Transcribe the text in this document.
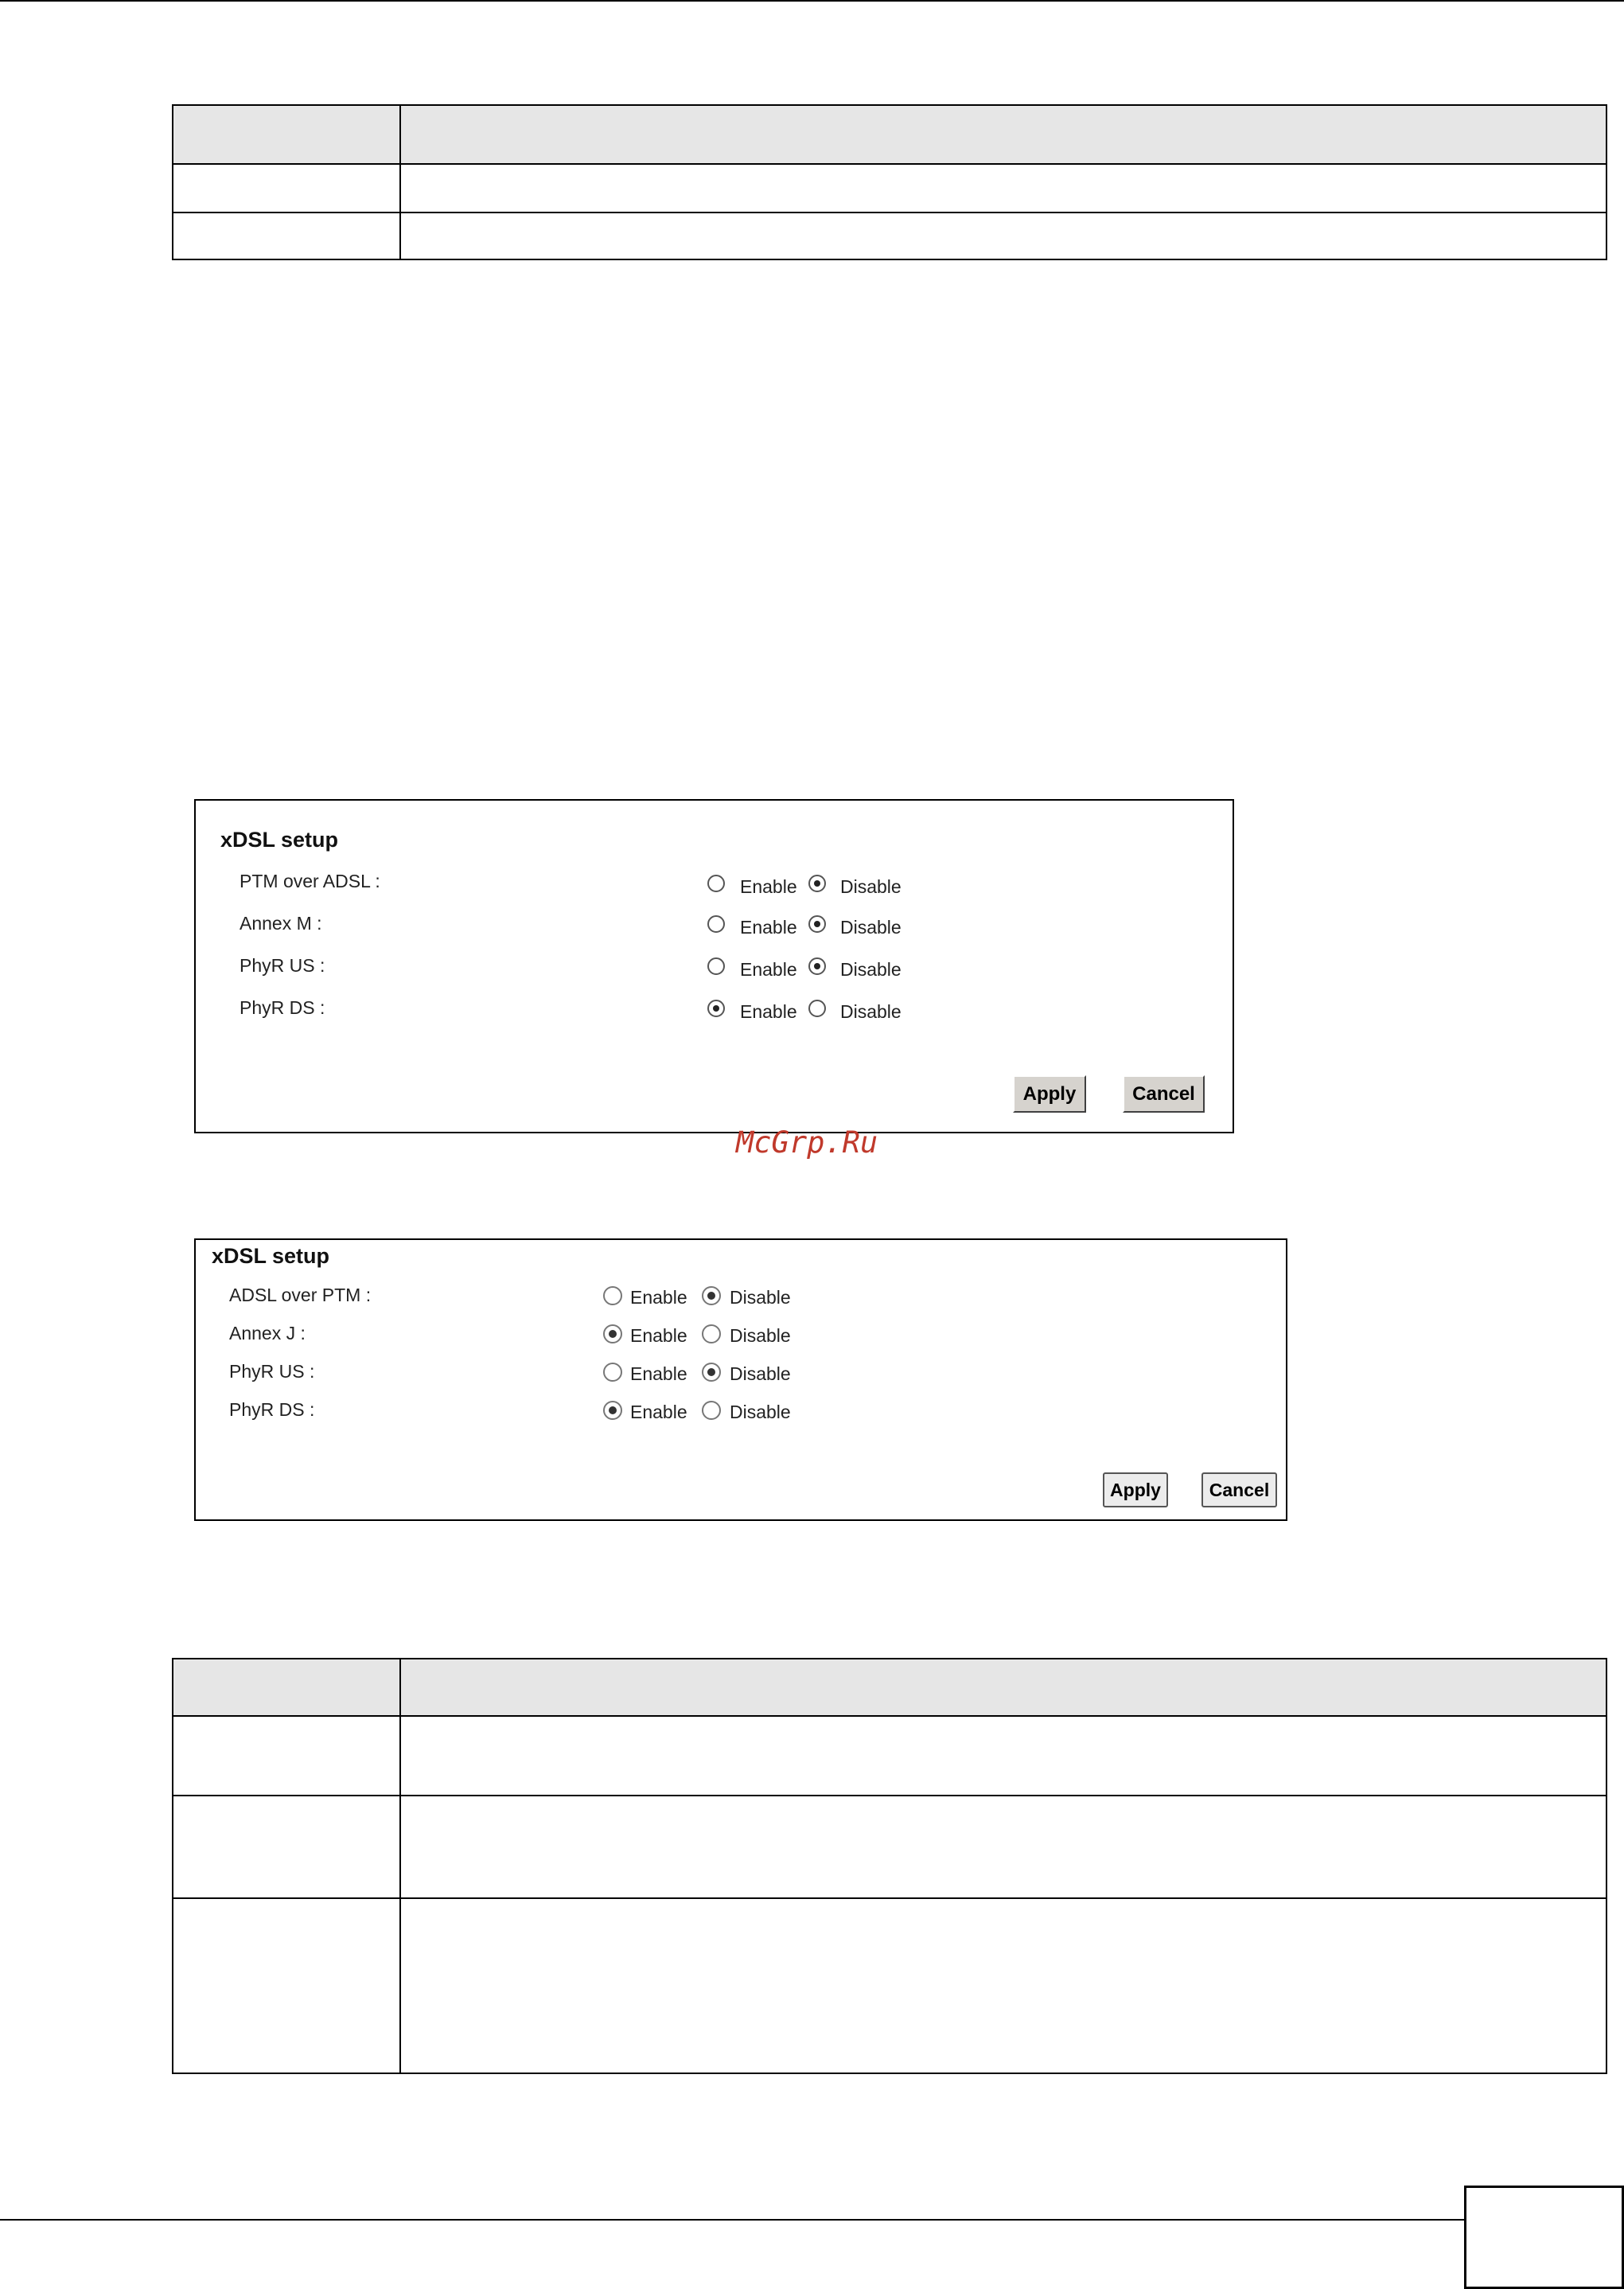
xDSL setup
PTM over ADSL :	Enable Disable
Annex M :	Enable Disable
PhyR US :	Enable Disable
PhyR DS :	Enable Disable
Apply	Cancel
McGrp.Ru
xDSL setup
ADSL over PTM :	Enable Disable
Annex J :	Enable Disable
PhyR US :	Enable Disable
PhyR DS :	Enable Disable
Apply	Cancel
